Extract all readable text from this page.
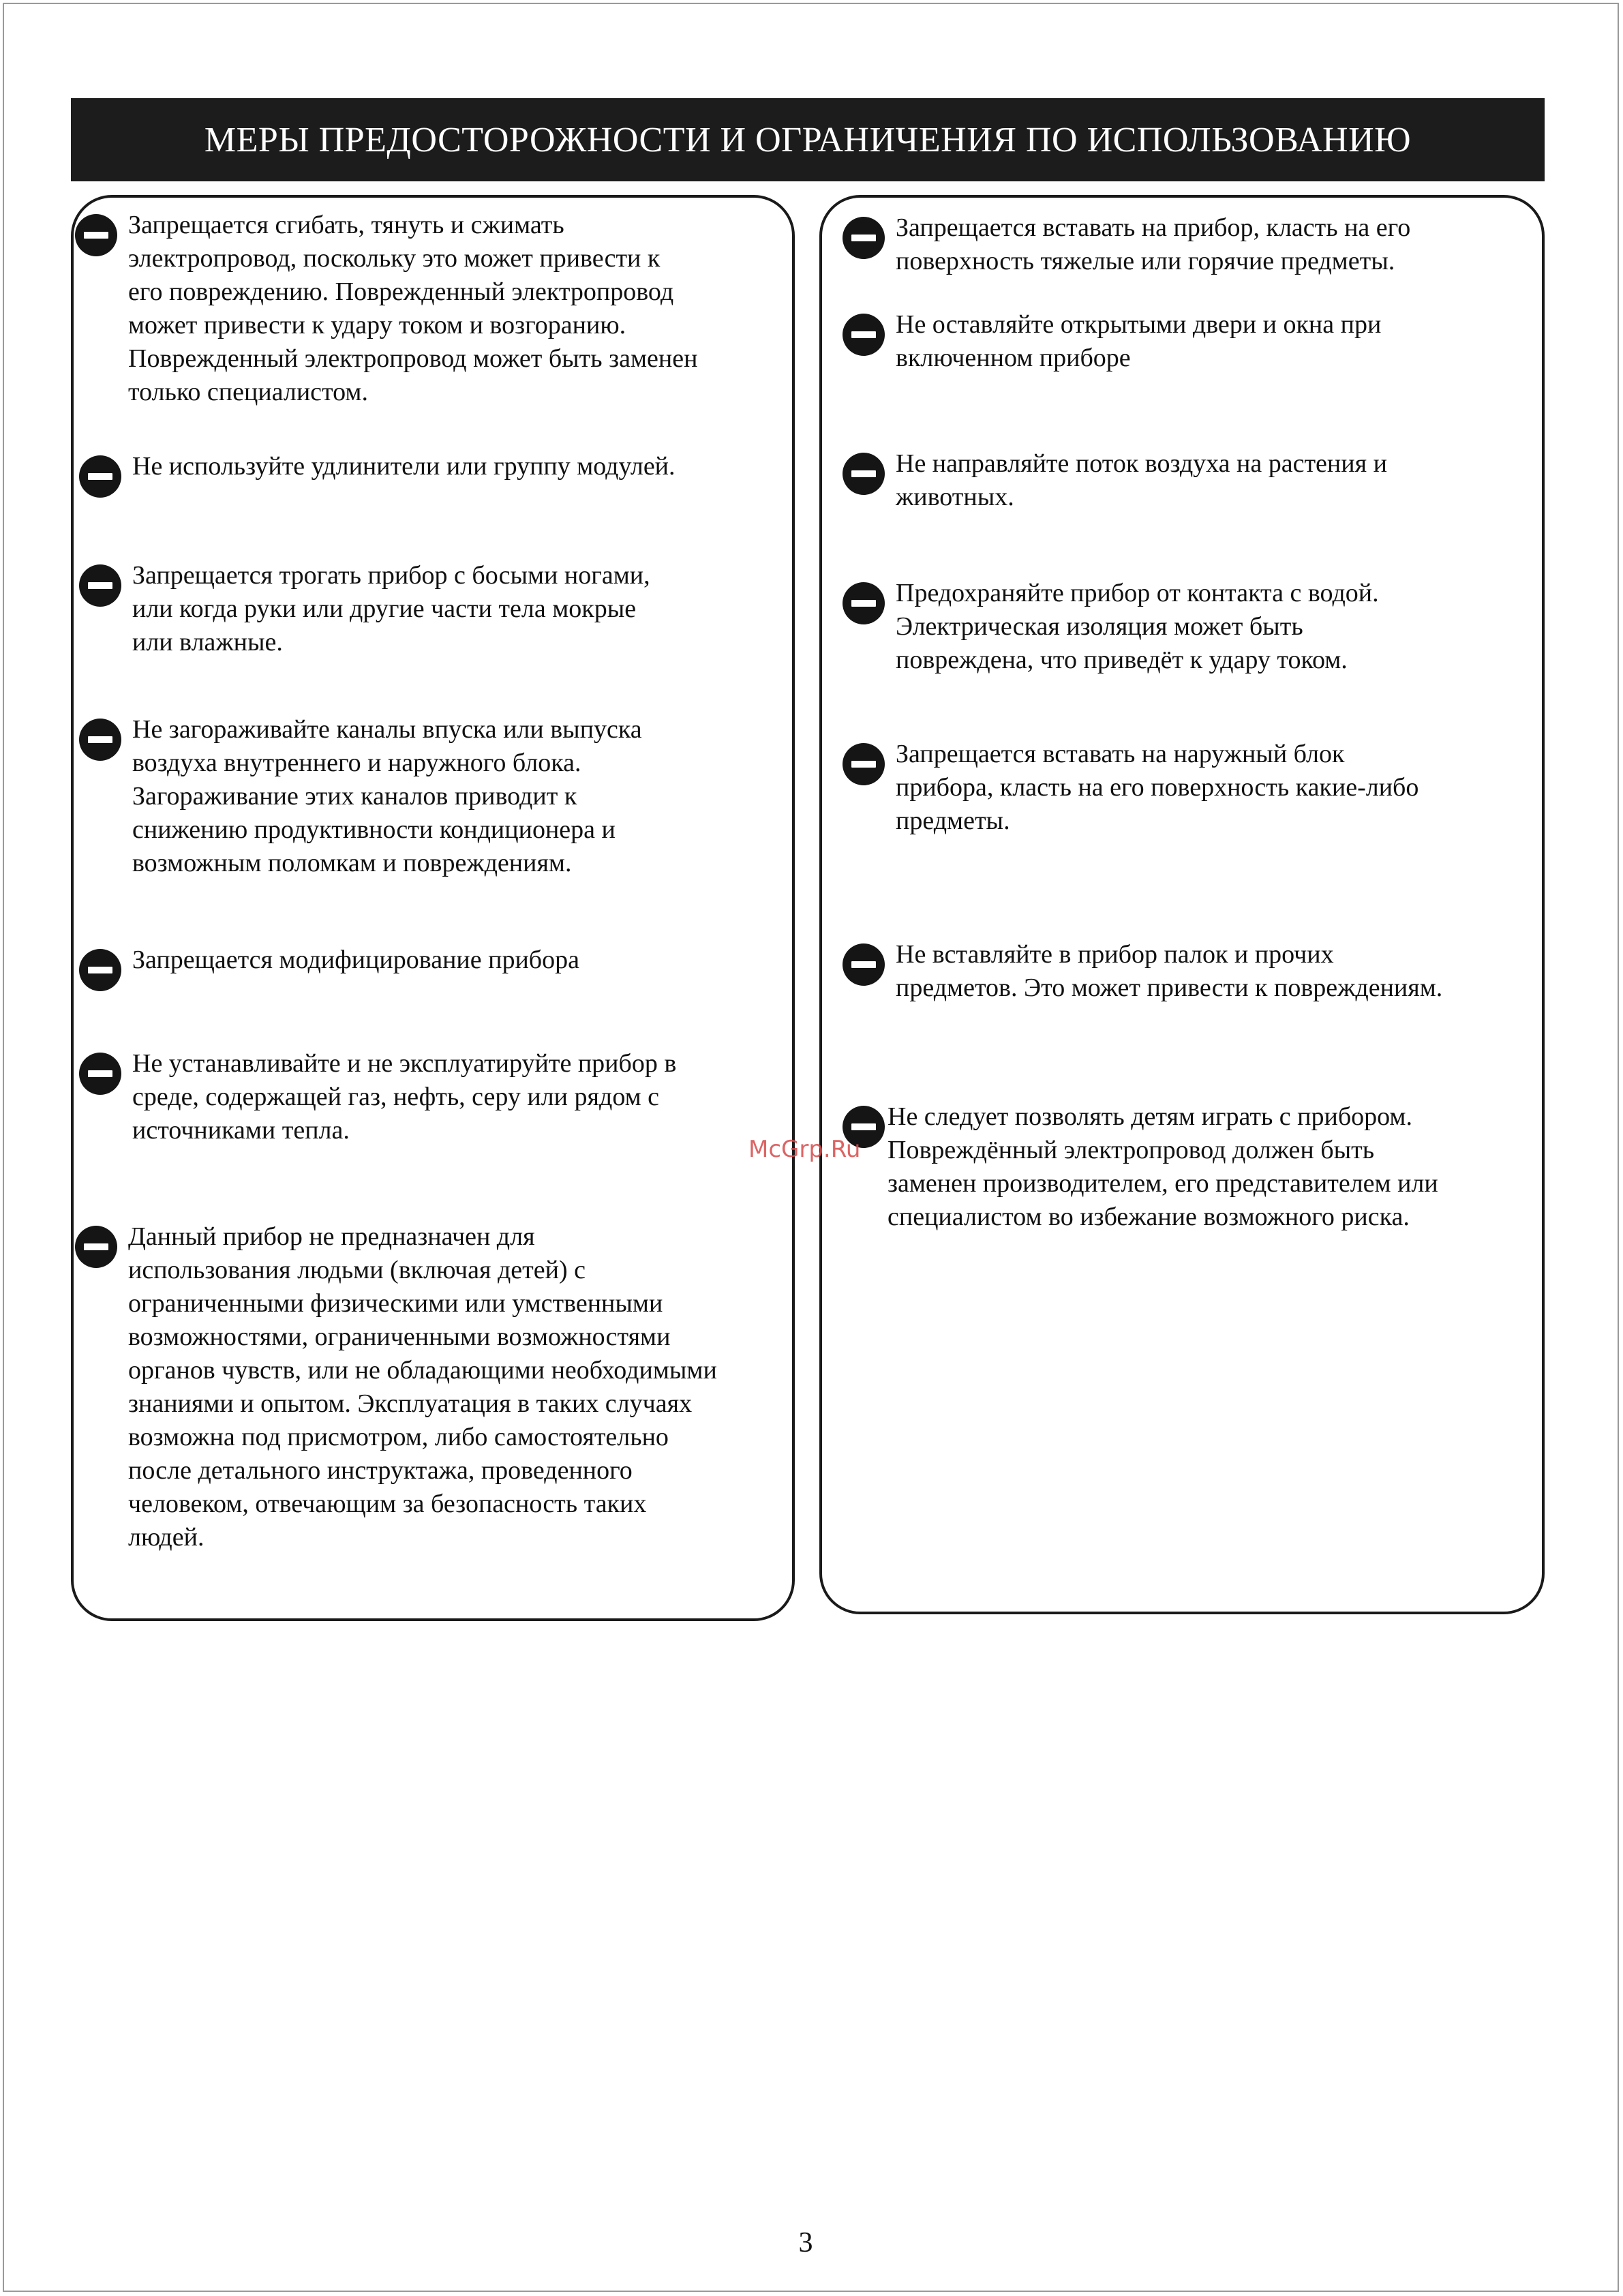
МЕРЫ ПРЕДОСТОРОЖНОСТИ И ОГРАНИЧЕНИЯ ПО ИСПОЛЬЗОВАНИЮ
Запрещается сгибать, тянуть и сжимать
электропровод, поскольку это может привести к
его повреждению. Поврежденный электропровод
может привести к удару током и возгоранию.
Поврежденный электропровод может быть заменен
только специалистом.
Не используйте удлинители или группу модулей.
Запрещается трогать прибор с босыми ногами,
или когда руки или другие части тела мокрые
или влажные.
Не загораживайте каналы впуска или выпуска
воздуха внутреннего и наружного блока.
Загораживание этих каналов приводит к
снижению продуктивности кондиционера и
возможным поломкам и повреждениям.
Запрещается модифицирование прибора
Не устанавливайте и не эксплуатируйте прибор в
среде, содержащей газ, нефть, серу или рядом с
источниками тепла.
Данный прибор не предназначен для
использования людьми (включая детей) с
ограниченными физическими или умственными
возможностями, ограниченными возможностями
органов чувств, или не обладающими необходимыми
знаниями и опытом. Эксплуатация в таких случаях
возможна под присмотром, либо самостоятельно
после детального инструктажа, проведенного
человеком, отвечающим за безопасность таких
людей.
Запрещается вставать на прибор, класть на его
поверхность тяжелые или горячие предметы.
Не оставляйте открытыми двери и окна при
включенном приборе
Не направляйте поток воздуха на растения и
животных.
Предохраняйте прибор от контакта с водой.
Электрическая изоляция может быть
повреждена, что приведёт к удару током.
Запрещается вставать на наружный блок
прибора, класть на его поверхность какие-либо
предметы.
Не вставляйте в прибор палок и прочих
предметов. Это может привести к повреждениям.
Не следует позволять детям играть с прибором.
Повреждённый электропровод должен быть
заменен производителем, его представителем или
специалистом во избежание возможного риска.
McGrp.Ru
3
